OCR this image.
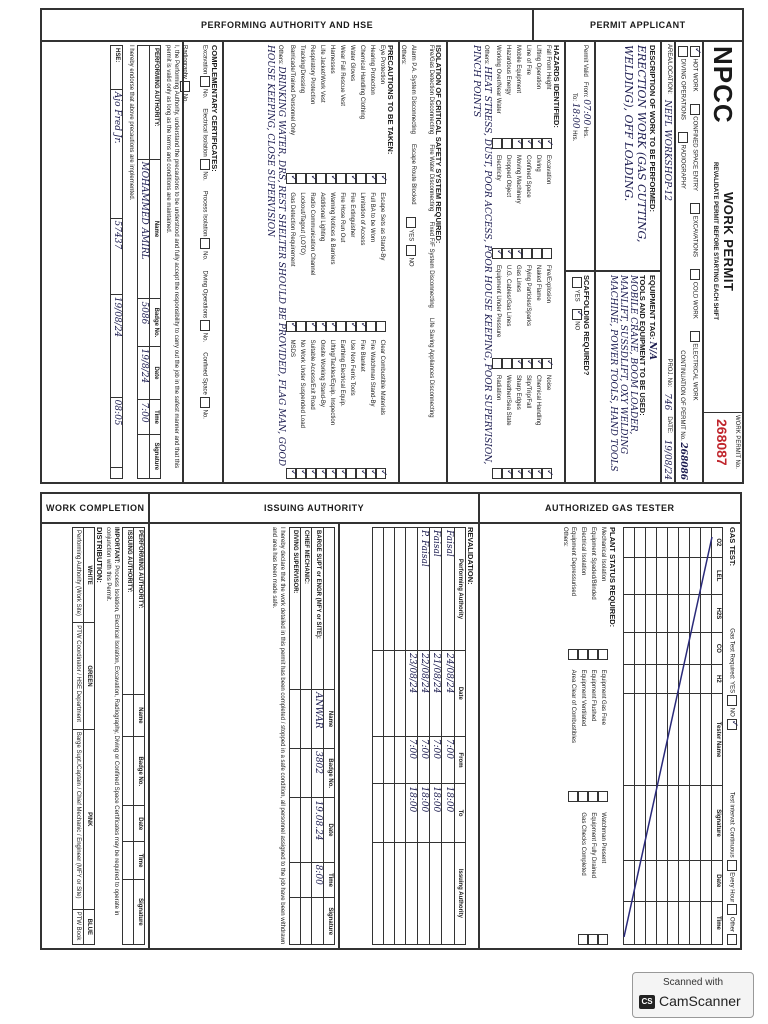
PERMIT APPLICANT
PERFORMING AUTHORITY AND HSE
NPCC
WORK PERMIT
REVALIDATE PERMIT BEFORE STARTING EACH SHIFT
WORK PERMIT No.
268087
✓ HOT WORK
CONFINED SPACE ENTRY
EXCAVATIONS
COLD WORK
ELECTRICAL WORK
DIVING OPERATIONS
RADIOGRAPHY
CONTINUATION OF PERMIT No. 268086
AREA/LOCATION:
NEFL WORKSHOP-12
PROJ. No:
746
DATE:
19/08/24
DESCRIPTION OF WORK TO BE PERFORMED:
ERECTION WORK (GAS CUTTING, WELDING), OFF LOADING.
EQUIPMENT TAG: N/A
TOOLS AND EQUIPMENT TO BE USED:
MOBILE CRANE, BOOM LOADER, MANLIFT, SUSSDLIFT, OXY WELDING MACHINE, POWER TOOLS, HAND TOOLS
Permit Valid   From: 07:00 Hrs.
To: 18:00 Hrs.
SCAFFOLDING REQUIRED?
YES   ✓ NO
HAZARDS IDENTIFIED:
Fall From Height
✓
Lifting Operation
✓
Line of Fire
✓
Mobile Equipment
✓
Hazardous Energy
Working Over/Near Water
Excavation
Diving
Confined Space
Moving Machinery
✓
Dropped Object
✓
Electricity
✓
Fire/Explosion
✓
Naked Flame
✓
Flying Particles/Sparks
✓
Gas Lines
✓
U.G. Cables/Gas Lines
Equipment Under Pressure
Noise
✓
Chemical Handling
✓
Slip/Trip/Fall
✓
Sharp Edges
✓
Weather/Sea State
✓
Radiation
Others: HEAT STRESS, DUST, POOR ACCESS, POOR HOUSE KEEPING, POOR SUPERVISION, PINCH POINTS
ISOLATION OF CRITICAL SAFETY SYSTEM REQUIRED:
Fire/Gas Detection Disconnecting
Fire Water Disconnecting
Fixed F/F System Disconnecting
Life Saving Appliances Disconnecting
Alarm P.A. System Disconnecting
Escape Route Blocked
YES  NO
Others:
PRECAUTIONS TO BE TAKEN:
Eye Protection
✓
Hearing Protection
✓
Chemical Handling Clothing
Water Gloves
✓
Wear Fall Rescue Vest
Harnesses
✓
Life Jacket/Work Vest
Respiratory Protection
✓
Tracking/Dressing
Barricade/Trained Personnel Only
✓
Escape Sets as Stand-By
Full BA to be Worn
Limitation of Access
✓
Fire Extinguisher
✓
Fire Hose Run Out
Warning Notices & Barriers
✓
Additional Lighting
✓
Radio Communication Channel
✓
Lockout/Tagout (LOTO)
Gas Detection Requirement
✓
Clear Combustible Materials
✓
Fire Watchman Stand-By
✓
Fire Blanket
✓
Use Non Ferric Tools
Earthing Electrical Equip.
✓
Lifting/Tackles/Equip. Inspection
✓
Onsite Working Stand-By
✓
Suitable Access/Exit Road
✓
No Work Under Suspended Load
✓
MSDS
✓
Others: DRINKING WATER, DRS, REST SHELTER SHOULD BE PROVIDED, FLAG MAN, GOOD HOUSE KEEPING, CLOSE SUPERVISION
COMPLEMENTARY CERTIFICATES:
Excavation No.
Electrical Isolation No.
Process Isolation No.
Diving Operations No.
Confined Space No.
Radiography No.
I, the Performing Authority, understand the precautions to be understood and fully accept the responsibility to carry out the job in the safest manner and that this permit is valid only as long as the terms and conditions are maintained.
PERFORMING AUTHORITY:	Name	Badge No.	Date	Time	Signature
	MOHAMMED AMIRL	5086	19/8/24	7:00	
I hereby endorse that above precautions are implemented.
HSE:	Ajo Fred Jr.	57437	19/08/24	08:05	
AUTHORIZED GAS TESTER
ISSUING AUTHORITY
WORK COMPLETION
GAS TEST:
Gas Test Required: YES NO✓
Test interval: Continuous Every Hour Other
O2	LEL	H2S	CO	H2	Tester Name	Signature	Date	Time

PLANT STATUS REQUIRED:
Mechanical Isolation
Equipment Spaded/Blinded
Electrical Isolation
Equipment Depressurised
Equipment Gas Free
Equipment Flushed
Equipment Ventilated
Area Clear of Combustibles
Watchman Present
Equipment Fully Drained
Gas Checks Completed
Others:
REVALIDATION:
Performing Authority	Date	From	To	Issuing Authority
Faisal	24/08/24	7:00	18:00	
Faisal	21/08/24	7:00	18:00	
P. Faisal	22/08/24	7:00	18:00	
	23/08/24	7:00	18:00	

	Name	Badge No.	Date	Time	Signature
BARGE SUPT or ENGR (MFY or SITE):	ANWAR	3802	19.08.24	8:00	
CHIEF MECHANIC:					
DIVING SUPERVISOR:					
I hereby declare that the work detailed in this permit has been completed / stopped in a safe condition, all personnel assigned to the job have been withdrawn and area has been made safe.
PERFORMING AUTHORITY:	Name	Badge No.	Date	Time	Signature
ISSUING AUTHORITY:					
IMPORTANT: Process Isolation, Electrical Isolation, Excavation, Radiography, Diving or Confined Space Certificates may be required to operate in conjunction with this Permit.
DISTRIBUTION:
WHITE	GREEN	PINK	BLUE
Performing Authority (Work Site)	PTW Coordinator / HSE Department	Barge Supt./Captain / Chief Mechanic / Engineer (MFY or Site)	PTW Book
Scanned with
CS CamScanner
